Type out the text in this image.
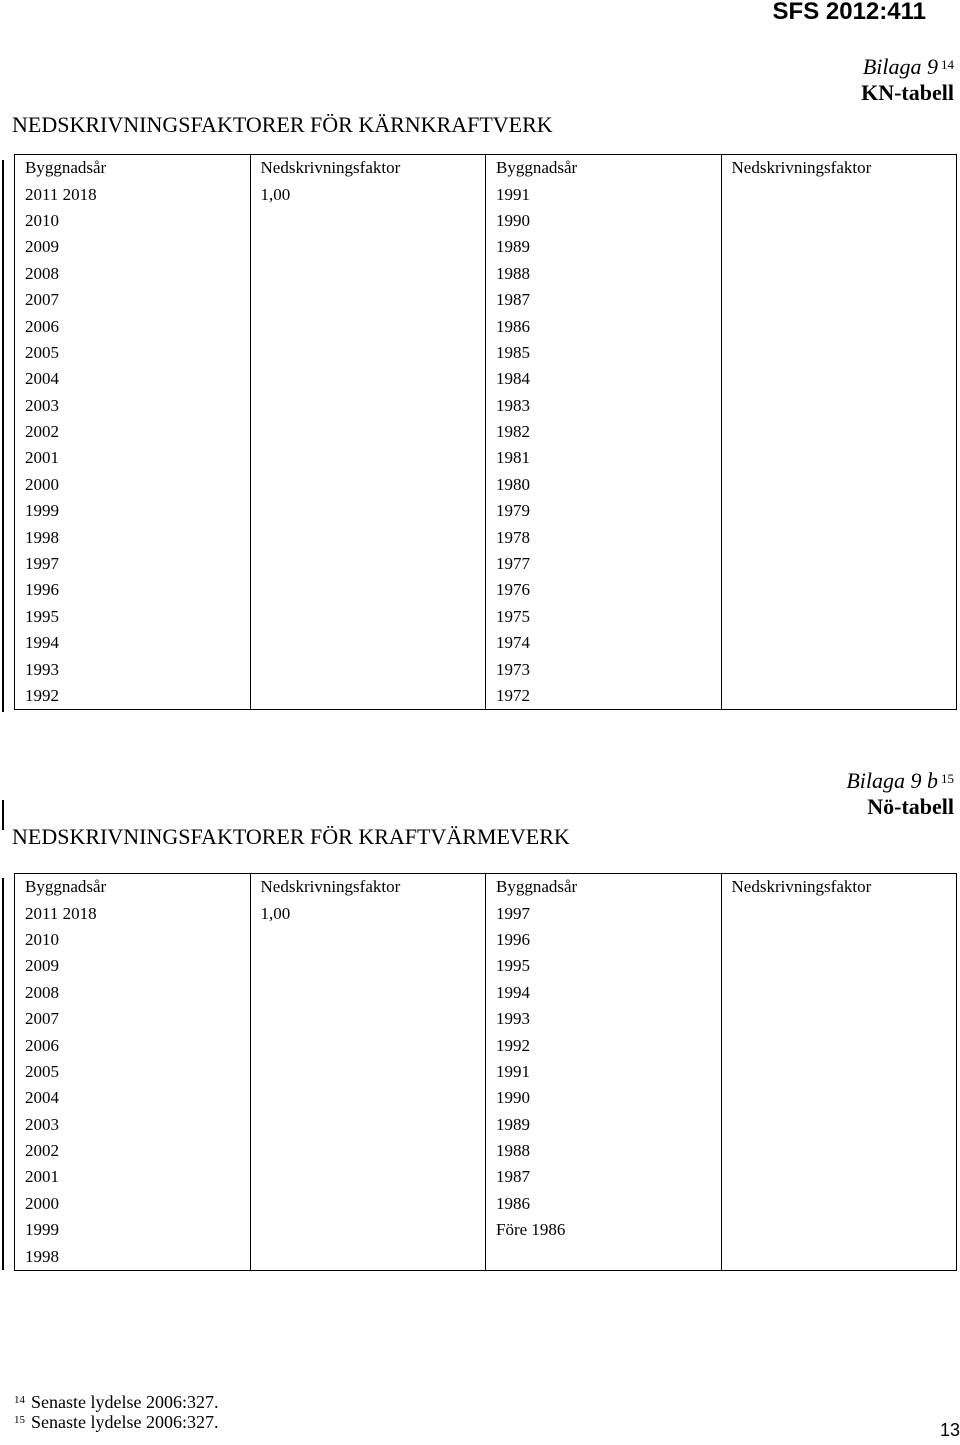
SFS 2012:411
Bilaga 9 $^{14}$
KN-tabell
NEDSKRIVNINGSFAKTORER FÖR KÄRNKRAFTVERK
Byggnadsår	Nedskrivningsfaktor	Byggnadsår	Nedskrivningsfaktor
2011 2018	1,00	1991	
2010		1990	
2009		1989	
2008		1988	
2007		1987	
2006		1986	
2005		1985	
2004		1984	
2003		1983	
2002		1982	
2001		1981	
2000		1980	
1999		1979	
1998		1978	
1997		1977	
1996		1976	
1995		1975	
1994		1974	
1993		1973	
1992		1972	
Bilaga 9 b $^{15}$
Nö-tabell
NEDSKRIVNINGSFAKTORER FÖR KRAFTVÄRMEVERK
Byggnadsår	Nedskrivningsfaktor	Byggnadsår	Nedskrivningsfaktor
2011 2018	1,00	1997	
2010		1996	
2009		1995	
2008		1994	
2007		1993	
2006		1992	
2005		1991	
2004		1990	
2003		1989	
2002		1988	
2001		1987	
2000		1986	
1999		Före 1986	
1998			
$^{14}$ Senaste lydelse 2006:327.
$^{15}$ Senaste lydelse 2006:327.	13
